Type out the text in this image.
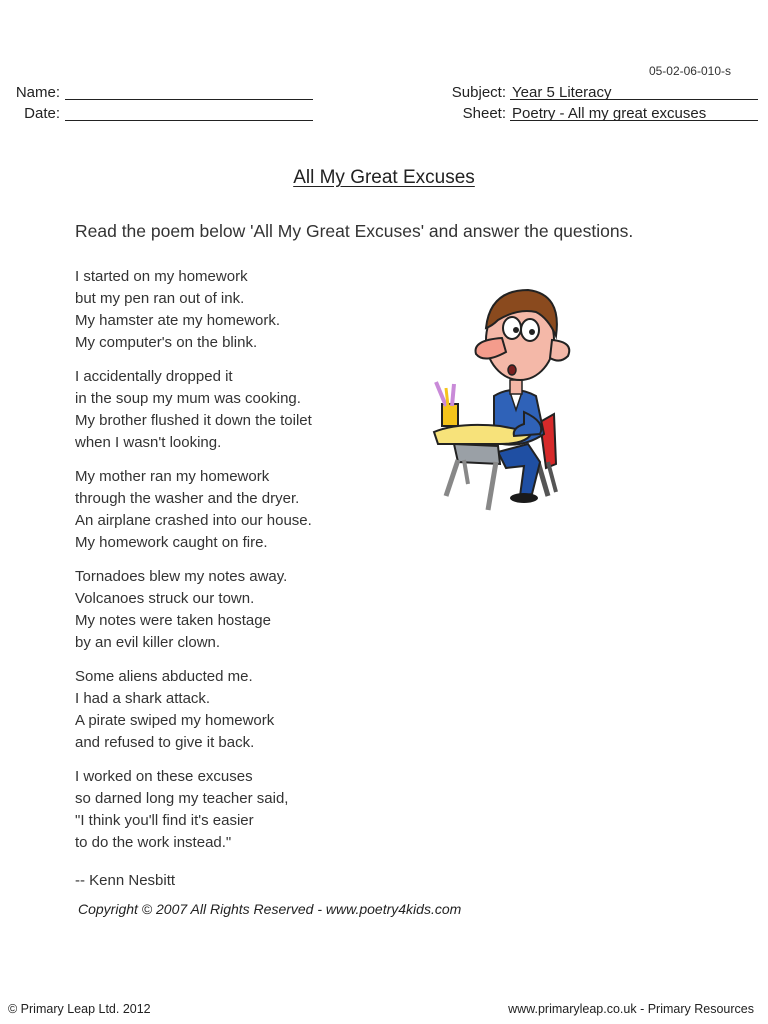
05-02-06-010-s
Name:
Date:
Subject: Year 5 Literacy
Sheet: Poetry - All my great excuses
All My Great Excuses
Read the poem below 'All My Great Excuses' and answer the questions.
I started on my homework
but my pen ran out of ink.
My hamster ate my homework.
My computer's on the blink.
I accidentally dropped it
in the soup my mum was cooking.
My brother flushed it down the toilet
when I wasn't looking.
My mother ran my homework
through the washer and the dryer.
An airplane crashed into our house.
My homework caught on fire.
Tornadoes blew my notes away.
Volcanoes struck our town.
My notes were taken hostage
by an evil killer clown.
Some aliens abducted me.
I had a shark attack.
A pirate swiped my homework
and refused to give it back.
I worked on these excuses
so darned long my teacher said,
"I think you'll find it's easier
to do the work instead."
-- Kenn Nesbitt
Copyright © 2007 All Rights Reserved - www.poetry4kids.com
© Primary Leap Ltd. 2012	www.primaryleap.co.uk - Primary Resources
